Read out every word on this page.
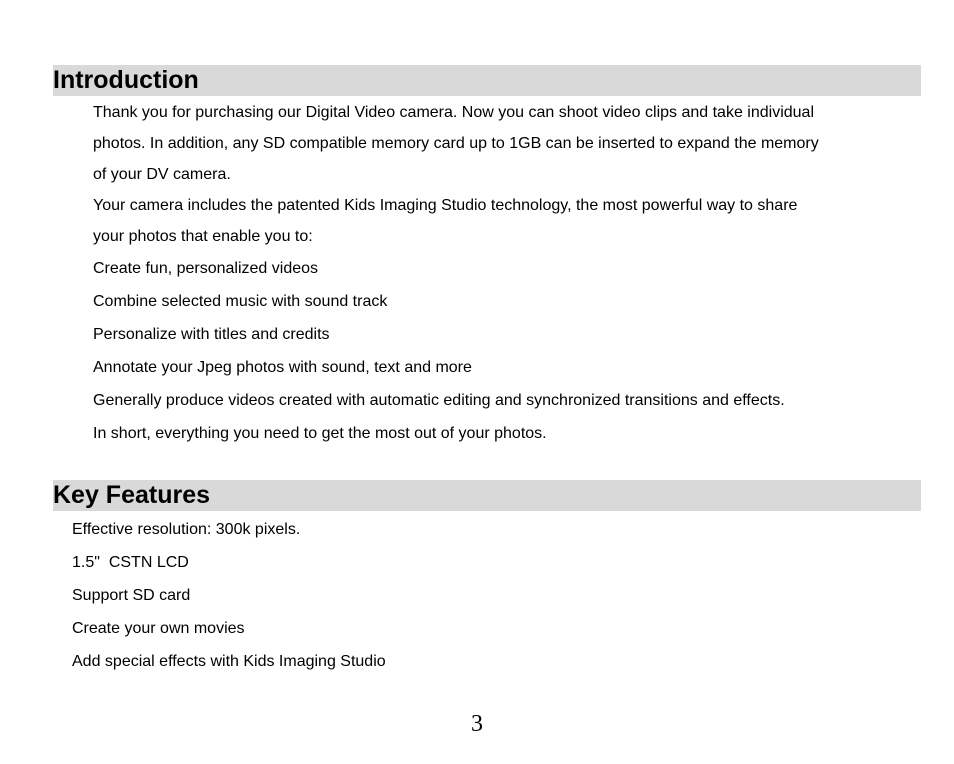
Introduction
Thank you for purchasing our Digital Video camera. Now you can shoot video clips and take individual
photos. In addition, any SD compatible memory card up to 1GB can be inserted to expand the memory
of your DV camera.
Your camera includes the patented Kids Imaging Studio technology, the most powerful way to share
your photos that enable you to:
Create fun, personalized videos
Combine selected music with sound track
Personalize with titles and credits
Annotate your Jpeg photos with sound, text and more
Generally produce videos created with automatic editing and synchronized transitions and effects.
In short, everything you need to get the most out of your photos.
Key Features
Effective resolution: 300k pixels.
1.5"  CSTN LCD
Support SD card
Create your own movies
Add special effects with Kids Imaging Studio
3
